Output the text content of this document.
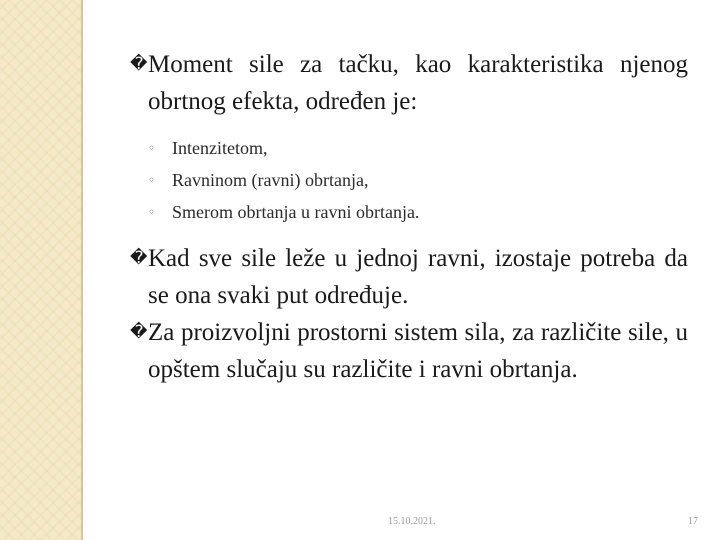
� Moment sile za tačku, kao karakteristika njenog obrtnog efekta, određen je:
◦ Intenzitetom,
◦ Ravninom (ravni) obrtanja,
◦ Smerom obrtanja u ravni obrtanja.
� Kad sve sile leže u jednoj ravni, izostaje potreba da se ona svaki put određuje.
� Za proizvoljni prostorni sistem sila, za različite sile, u opštem slučaju su različite i ravni obrtanja.
15.10.2021.	17
